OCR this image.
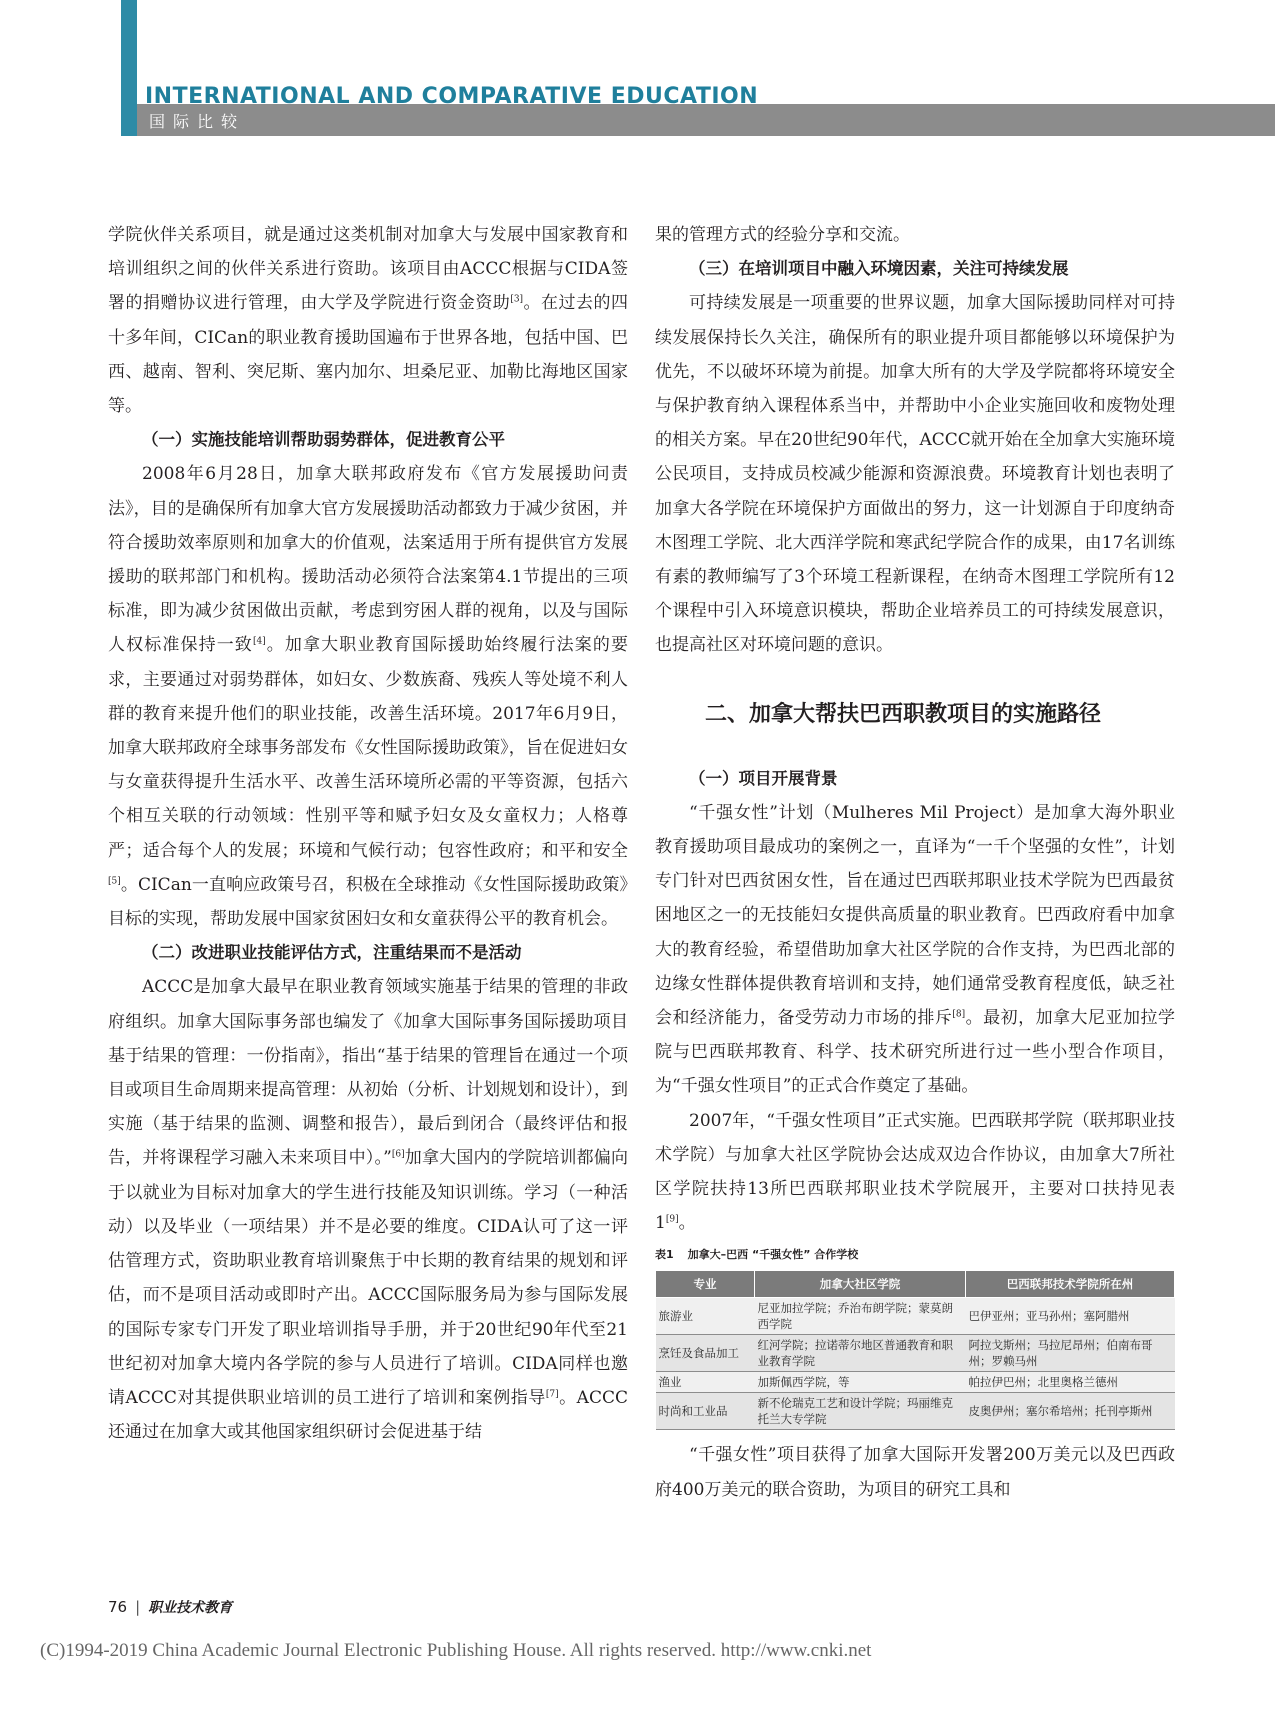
INTERNATIONAL AND COMPARATIVE EDUCATION
国际比较

学院伙伴关系项目，就是通过这类机制对加拿大与发展中国家教育和培训组织之间的伙伴关系进行资助。该项目由ACCC根据与CIDA签署的捐赠协议进行管理，由大学及学院进行资金资助[3]。在过去的四十多年间，CICan的职业教育援助国遍布于世界各地，包括中国、巴西、越南、智利、突尼斯、塞内加尔、坦桑尼亚、加勒比海地区国家等。

（一）实施技能培训帮助弱势群体，促进教育公平

2008年6月28日，加拿大联邦政府发布《官方发展援助问责法》，目的是确保所有加拿大官方发展援助活动都致力于减少贫困，并符合援助效率原则和加拿大的价值观，法案适用于所有提供官方发展援助的联邦部门和机构。援助活动必须符合法案第4.1节提出的三项标准，即为减少贫困做出贡献，考虑到穷困人群的视角，以及与国际人权标准保持一致[4]。加拿大职业教育国际援助始终履行法案的要求，主要通过对弱势群体，如妇女、少数族裔、残疾人等处境不利人群的教育来提升他们的职业技能，改善生活环境。2017年6月9日，加拿大联邦政府全球事务部发布《女性国际援助政策》，旨在促进妇女与女童获得提升生活水平、改善生活环境所必需的平等资源，包括六个相互关联的行动领域：性别平等和赋予妇女及女童权力；人格尊严；适合每个人的发展；环境和气候行动；包容性政府；和平和安全[5]。CICan一直响应政策号召，积极在全球推动《女性国际援助政策》目标的实现，帮助发展中国家贫困妇女和女童获得公平的教育机会。

（二）改进职业技能评估方式，注重结果而不是活动

ACCC是加拿大最早在职业教育领域实施基于结果的管理的非政府组织。加拿大国际事务部也编发了《加拿大国际事务国际援助项目基于结果的管理：一份指南》，指出“基于结果的管理旨在通过一个项目或项目生命周期来提高管理：从初始（分析、计划规划和设计），到实施（基于结果的监测、调整和报告），最后到闭合（最终评估和报告，并将课程学习融入未来项目中）。”[6]加拿大国内的学院培训都偏向于以就业为目标对加拿大的学生进行技能及知识训练。学习（一种活动）以及毕业（一项结果）并不是必要的维度。CIDA认可了这一评估管理方式，资助职业教育培训聚焦于中长期的教育结果的规划和评估，而不是项目活动或即时产出。ACCC国际服务局为参与国际发展的国际专家专门开发了职业培训指导手册，并于20世纪90年代至21世纪初对加拿大境内各学院的参与人员进行了培训。CIDA同样也邀请ACCC对其提供职业培训的员工进行了培训和案例指导[7]。ACCC还通过在加拿大或其他国家组织研讨会促进基于结

果的管理方式的经验分享和交流。

（三）在培训项目中融入环境因素，关注可持续发展

可持续发展是一项重要的世界议题，加拿大国际援助同样对可持续发展保持长久关注，确保所有的职业提升项目都能够以环境保护为优先，不以破坏环境为前提。加拿大所有的大学及学院都将环境安全与保护教育纳入课程体系当中，并帮助中小企业实施回收和废物处理的相关方案。早在20世纪90年代，ACCC就开始在全加拿大实施环境公民项目，支持成员校减少能源和资源浪费。环境教育计划也表明了加拿大各学院在环境保护方面做出的努力，这一计划源自于印度纳奇木图理工学院、北大西洋学院和寒武纪学院合作的成果，由17名训练有素的教师编写了3个环境工程新课程，在纳奇木图理工学院所有12个课程中引入环境意识模块，帮助企业培养员工的可持续发展意识，也提高社区对环境问题的意识。

二、加拿大帮扶巴西职教项目的实施路径

（一）项目开展背景

“千强女性”计划（Mulheres Mil Project）是加拿大海外职业教育援助项目最成功的案例之一，直译为“一千个坚强的女性”，计划专门针对巴西贫困女性，旨在通过巴西联邦职业技术学院为巴西最贫困地区之一的无技能妇女提供高质量的职业教育。巴西政府看中加拿大的教育经验，希望借助加拿大社区学院的合作支持，为巴西北部的边缘女性群体提供教育培训和支持，她们通常受教育程度低，缺乏社会和经济能力，备受劳动力市场的排斥[8]。最初，加拿大尼亚加拉学院与巴西联邦教育、科学、技术研究所进行过一些小型合作项目，为“千强女性项目”的正式合作奠定了基础。

2007年，“千强女性项目”正式实施。巴西联邦学院（联邦职业技术学院）与加拿大社区学院协会达成双边合作协议，由加拿大7所社区学院扶持13所巴西联邦职业技术学院展开，主要对口扶持见表1[9]。

表1 加拿大–巴西 “千强女性” 合作学校

专业	加拿大社区学院	巴西联邦技术学院所在州
旅游业	尼亚加拉学院；乔治布朗学院；蒙莫朗西学院	巴伊亚州；亚马孙州；塞阿腊州
烹饪及食品加工	红河学院；拉诺蒂尔地区普通教育和职业教育学院	阿拉戈斯州；马拉尼昂州；伯南布哥州；罗赖马州
渔业	加斯佩西学院，等	帕拉伊巴州；北里奥格兰德州
时尚和工业品	新不伦瑞克工艺和设计学院；玛丽维克托兰大专学院	皮奥伊州；塞尔希培州；托刊亭斯州

“千强女性”项目获得了加拿大国际开发署200万美元以及巴西政府400万美元的联合资助，为项目的研究工具和

76 | 职业技术教育
(C)1994-2019 China Academic Journal Electronic Publishing House. All rights reserved. http://www.cnki.net
